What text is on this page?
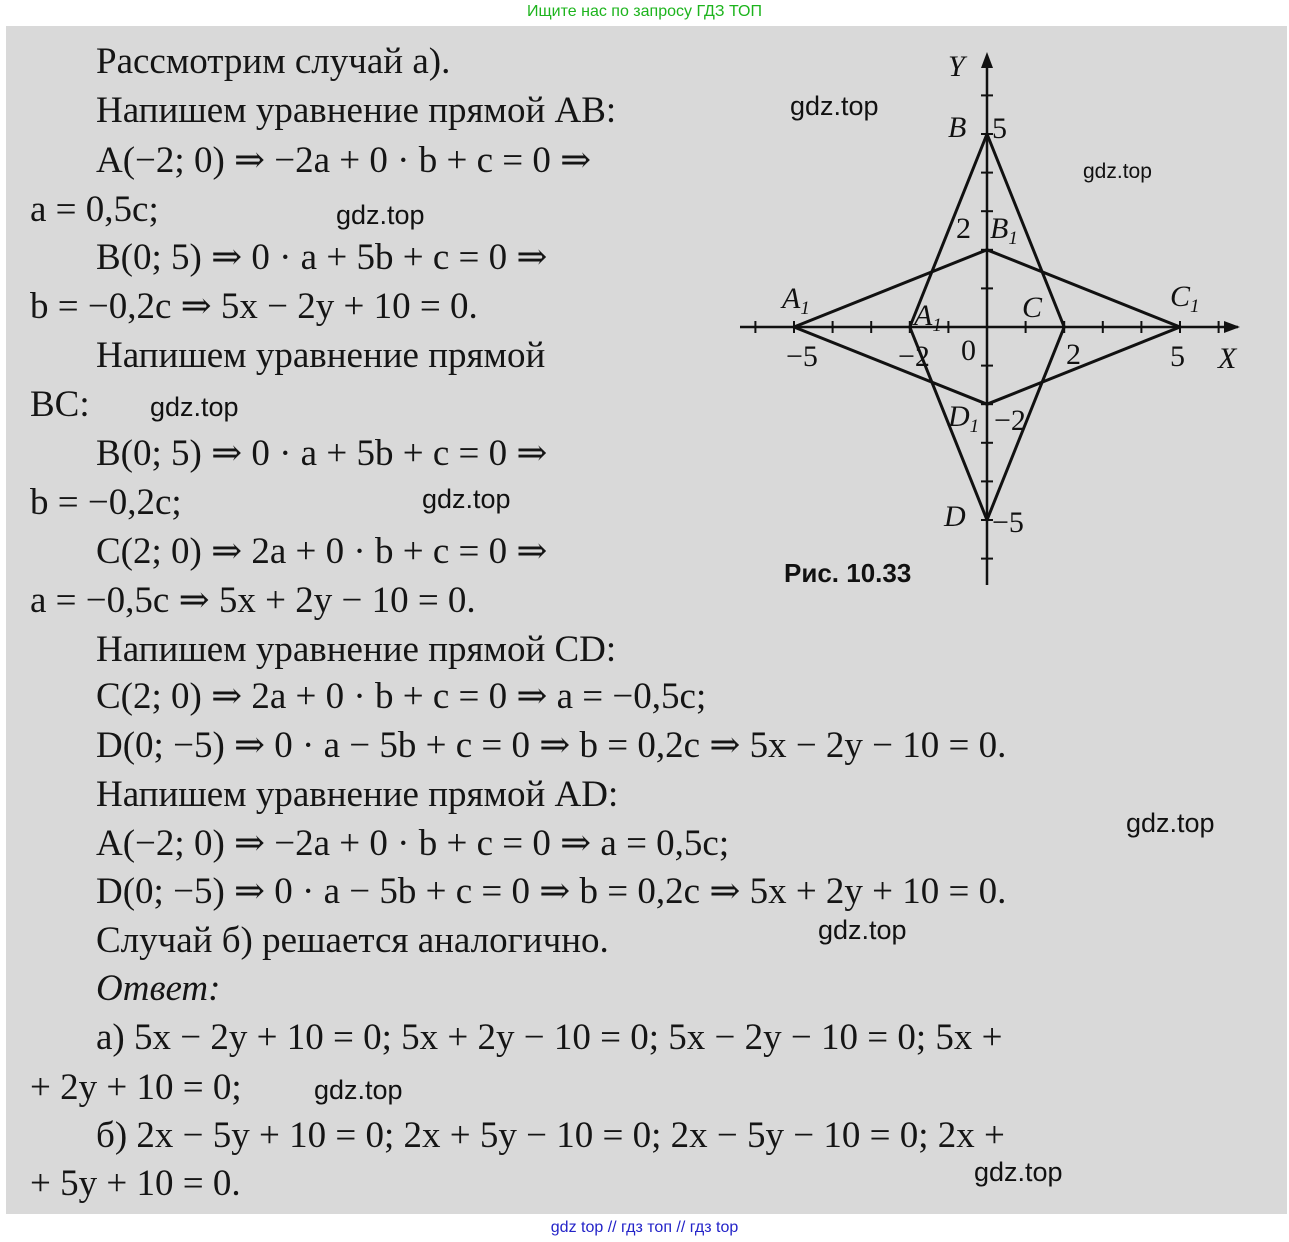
Ищите нас по запросу ГДЗ ТОП
Рассмотрим случай а).
Напишем уравнение прямой AB:
A(−2; 0) ⇒ −2a + 0 · b + c = 0 ⇒
a = 0,5c;
B(0; 5) ⇒ 0 · a + 5b + c = 0 ⇒
b = −0,2c ⇒ 5x − 2y + 10 = 0.
Напишем уравнение прямой
BC:
B(0; 5) ⇒ 0 · a + 5b + c = 0 ⇒
b = −0,2c;
C(2; 0) ⇒ 2a + 0 · b + c = 0 ⇒
a = −0,5c ⇒ 5x + 2y − 10 = 0.
Напишем уравнение прямой CD:
C(2; 0) ⇒ 2a + 0 · b + c = 0 ⇒ a = −0,5c;
D(0; −5) ⇒ 0 · a − 5b + c = 0 ⇒ b = 0,2c ⇒ 5x − 2y − 10 = 0.
Напишем уравнение прямой AD:
A(−2; 0) ⇒ −2a + 0 · b + c = 0 ⇒ a = 0,5c;
D(0; −5) ⇒ 0 · a − 5b + c = 0 ⇒ b = 0,2c ⇒ 5x + 2y + 10 = 0.
Случай б) решается аналогично.
Ответ:
а) 5x − 2y + 10 = 0; 5x + 2y − 10 = 0; 5x − 2y − 10 = 0; 5x +
+ 2y + 10 = 0;
б) 2x − 5y + 10 = 0; 2x + 5y − 10 = 0; 2x − 5y − 10 = 0; 2x +
+ 5y + 10 = 0.
gdz.top
gdz.top
gdz.top
gdz.top
gdz.top
gdz.top
gdz.top
gdz.top
gdz.top
X
Y
0
−5	−2	2	5
5
2
−2
−5
B
$A_1$
C
D
$A_1$
$B_1$
$C_1$
$D_1$
Рис. 10.33
gdz top // гдз топ // гдз top
